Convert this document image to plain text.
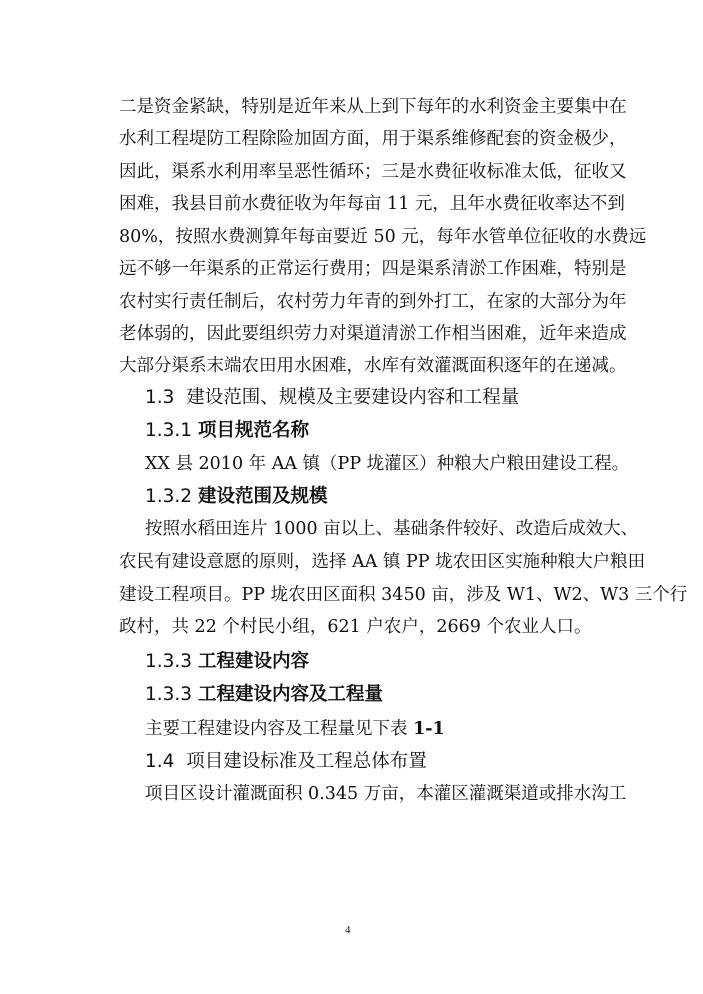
二是资金紧缺，特别是近年来从上到下每年的水利资金主要集中在
水利工程堤防工程除险加固方面，用于渠系维修配套的资金极少，
因此，渠系水利用率呈恶性循环；三是水费征收标准太低，征收又
困难，我县目前水费征收为年每亩 11 元，且年水费征收率达不到
80%，按照水费测算年每亩要近 50 元，每年水管单位征收的水费远
远不够一年渠系的正常运行费用；四是渠系清淤工作困难，特别是
农村实行责任制后，农村劳力年青的到外打工，在家的大部分为年
老体弱的，因此要组织劳力对渠道清淤工作相当困难，近年来造成
大部分渠系末端农田用水困难，水库有效灌溉面积逐年的在递减。
1.3 建设范围、规模及主要建设内容和工程量
1.3.1 项目规范名称
XX 县 2010 年 AA 镇（PP 垅灌区）种粮大户粮田建设工程。
1.3.2 建设范围及规模
按照水稻田连片 1000 亩以上、基础条件较好、改造后成效大、
农民有建设意愿的原则，选择 AA 镇 PP 垅农田区实施种粮大户粮田
建设工程项目。PP 垅农田区面积 3450 亩，涉及 W1、W2、W3 三个行
政村，共 22 个村民小组，621 户农户，2669 个农业人口。
1.3.3 工程建设内容
1.3.3 工程建设内容及工程量
主要工程建设内容及工程量见下表 1-1
1.4 项目建设标准及工程总体布置
项目区设计灌溉面积 0.345 万亩，本灌区灌溉渠道或排水沟工
4
